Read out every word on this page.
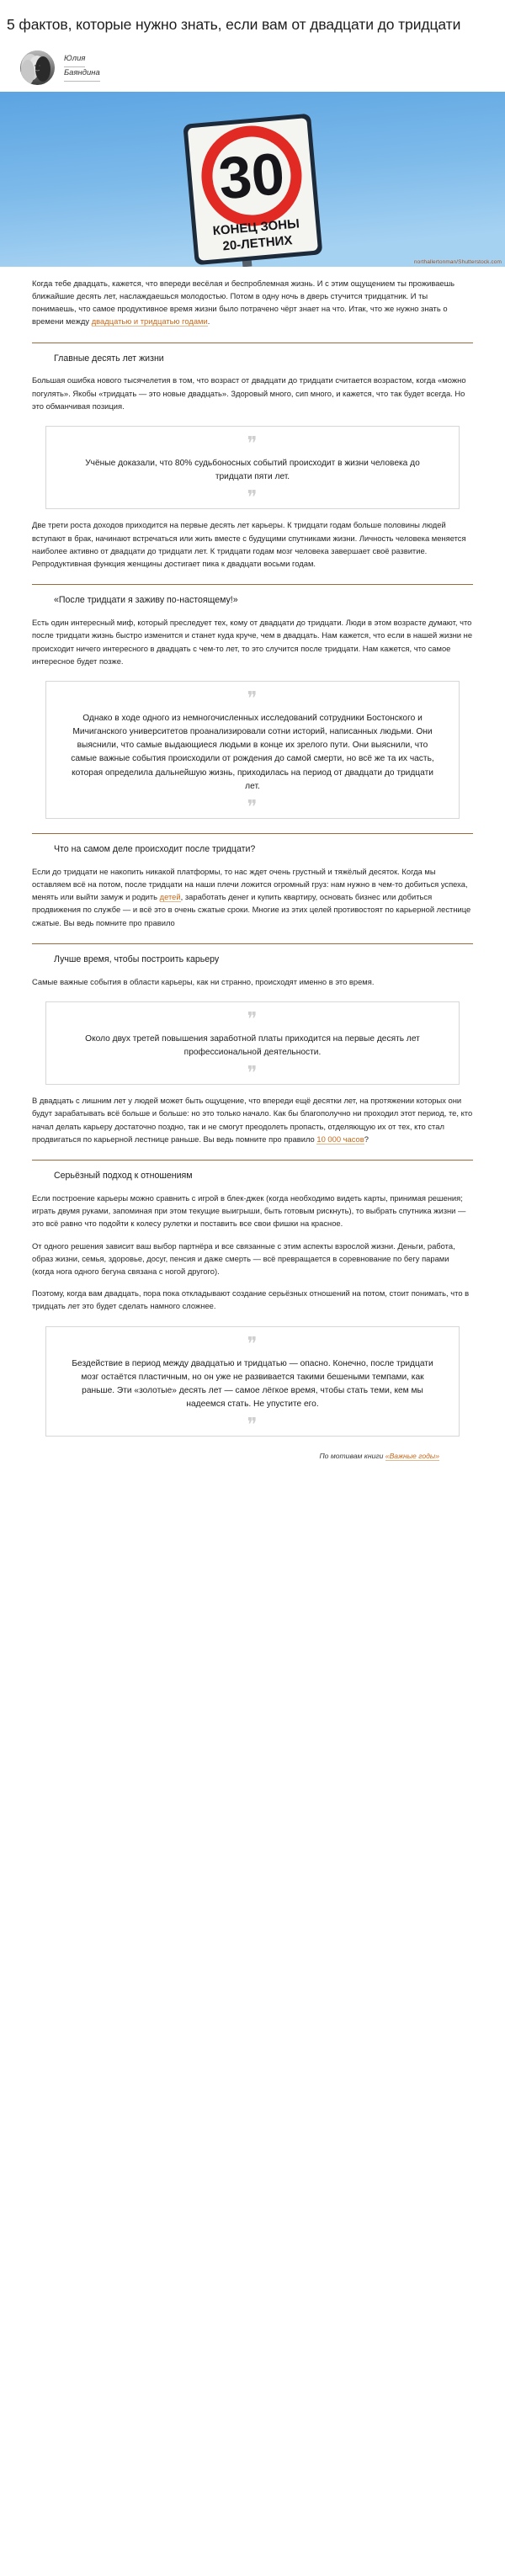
5 фактов, которые нужно знать, если вам от двадцати до тридцати
Юлия
Баяндина
30
КОНЕЦ ЗОНЫ
20-ЛЕТНИХ
northallertonman/Shutterstock.com

Когда тебе двадцать, кажется, что впереди весёлая и беспроблемная жизнь. И с этим ощущением ты проживаешь ближайшие десять лет, наслаждаешься молодостью. Потом в одну ночь в дверь стучится тридцатник. И ты понимаешь, что самое продуктивное время жизни было потрачено чёрт знает на что. Итак, что же нужно знать о времени между двадцатью и тридцатью годами.

Главные десять лет жизни

Большая ошибка нового тысячелетия в том, что возраст от двадцати до тридцати считается возрастом, когда «можно погулять». Якобы «тридцать — это новые двадцать». Здоровый много, сип много, и кажется, что так будет всегда. Но это обманчивая позиция.

❞
Учёные доказали, что 80% судьбоносных событий происходит в жизни человека до тридцати пяти лет.
❞

Две трети роста доходов приходится на первые десять лет карьеры. К тридцати годам больше половины людей вступают в брак, начинают встречаться или жить вместе с будущими спутниками жизни. Личность человека меняется наиболее активно от двадцати до тридцати лет. К тридцати годам мозг человека завершает своё развитие. Репродуктивная функция женщины достигает пика к двадцати восьми годам.

«После тридцати я заживу по-настоящему!»

Есть один интересный миф, который преследует тех, кому от двадцати до тридцати. Люди в этом возрасте думают, что после тридцати жизнь быстро изменится и станет куда круче, чем в двадцать. Нам кажется, что если в нашей жизни не происходит ничего интересного в двадцать с чем-то лет, то это случится после тридцати. Нам кажется, что самое интересное будет позже.

❞
Однако в ходе одного из немногочисленных исследований сотрудники Бостонского и Мичиганского университетов проанализировали сотни историй, написанных людьми. Они выяснили, что самые выдающиеся людьми в конце их зрелого пути. Они выяснили, что самые важные события происходили от рождения до самой смерти, но всё же та их часть, которая определила дальнейшую жизнь, приходилась на период от двадцати до тридцати лет.
❞
Что на самом деле происходит после тридцати?

Если до тридцати не накопить никакой платформы, то нас ждет очень грустный и тяжёлый десяток. Когда мы оставляем всё на потом, после тридцати на наши плечи ложится огромный груз: нам нужно в чем-то добиться успеха, менять или выйти замуж и родить детей, заработать денег и купить квартиру, основать бизнес или добиться продвижения по службе — и всё это в очень сжатые сроки. Многие из этих целей противостоят по карьерной лестнице сжатые. Вы ведь помните про правило

Лучше время, чтобы построить карьеру

Самые важные события в области карьеры, как ни странно, происходят именно в это время.

❞
Около двух третей повышения заработной платы приходится на первые десять лет профессиональной деятельности.
❞

В двадцать с лишним лет у людей может быть ощущение, что впереди ещё десятки лет, на протяжении которых они будут зарабатывать всё больше и больше: но это только начало. Как бы благополучно ни проходил этот период, те, кто начал делать карьеру достаточно поздно, так и не смогут преодолеть пропасть, отделяющую их от тех, кто стал продвигаться по карьерной лестнице раньше. Вы ведь помните про правило 10 000 часов?

Серьёзный подход к отношениям

Если построение карьеры можно сравнить с игрой в блек-джек (когда необходимо видеть карты, принимая решения; играть двумя руками, запоминая при этом текущие выигрыши, быть готовым рискнуть), то выбрать спутника жизни — это всё равно что подойти к колесу рулетки и поставить все свои фишки на красное.

От одного решения зависит ваш выбор партнёра и все связанные с этим аспекты взрослой жизни. Деньги, работа, образ жизни, семья, здоровье, досуг, пенсия и даже смерть — всё превращается в соревнование по бегу парами (когда нога одного бегуна связана с ногой другого).

Поэтому, когда вам двадцать, пора пока откладывают создание серьёзных отношений на потом, стоит понимать, что в тридцать лет это будет сделать намного сложнее.

❞
Бездействие в период между двадцатью и тридцатью — опасно. Конечно, после тридцати мозг остаётся пластичным, но он уже не развивается такими бешеными темпами, как раньше. Эти «золотые» десять лет — самое лёгкое время, чтобы стать теми, кем мы надеемся стать. Не упустите его.
❞
По мотивам книги «Важные годы»
